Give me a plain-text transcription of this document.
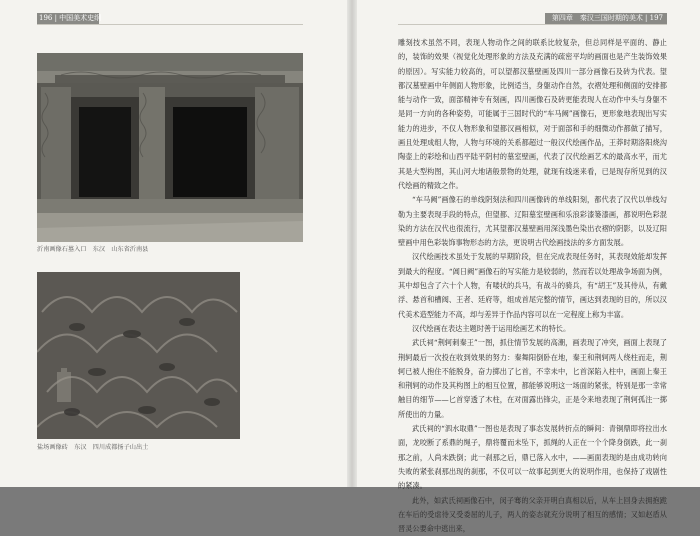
196 | 中国美术史纲
沂南画像石墓入口　东汉　山东省沂南县
盐场画像砖　东汉　四川成都扬子山出土
第四章　秦汉三国时期的美术 | 197

雕刻技术虽然不同，表现人物动作之间的联系比较复杂，但总同样是平面的、静止的，装饰的效果（视觉化处理形象的方法及充满的疏密平均的画面也是产生装饰效果的原因）。写实能力较高的，可以望都汉墓壁画及四川一部分画像石及砖为代表。望都汉墓壁画中年侧面人物形象，比例适当，身躯动作自然，衣褶处理和侧面的安排都能与动作一致，面部精神专有刻画，四川画像石及砖更能表现人在动作中头与身躯不是同一方向的各种姿势，可能属于三国时代的“车马阙”画像石，更形象地表现出写实能力的进步，不仅人物形象和望都汉画相似，对于面部和手的细微动作都做了描写，画且处理成组人物，人物与环境的关系都超过一般汉代绘画作品，王莽时期洛阳烧沟陶壶上的彩绘和山西平陆平阴村的墓室壁画，代表了汉代绘画艺术的最高水平，而尤其是大型构图，其山河大地诸般景物的处理，就现有线迷来看，已是现存所见到的汉代绘画的精致之作。

“车马阙”画像石的单线阴刻法和四川画像砖的单线阳刻，都代表了汉代以单线勾勒为主要表现手段的特点，但望都、辽阳墓室壁画和乐浪彩漆篓漆画，都说明色彩混染的方法在汉代也很流行，尤其望都汉墓壁画用深浅墨色染出衣褶的阴影，以及辽阳壁画中用色彩装饰事物形态的方法，更说明古代绘画技法的多方面发展。

汉代绘画技术虽处于发展的早期阶段，但在完成表现任务时，其表现效能却发挥到最大的程度。“阊日阙”画像石的写实能力是较弱的，然而若以处理战争场面为例，其中却包含了六十个人物，有喽状的兵马，有战斗的骑兵，有“胡王”及其侍从，有戴浮、悬首和槽阀、王者、廷府等，组成首尾完整的情节，画达到表现的目的，所以汉代美术造型能力不高，却与差异于作品内容可以在一定程度上称为丰富。

汉代绘画在表达主题时善于运用绘画艺术的特长。

武氏祠“荆轲刺秦王”一图，抓住情节发展的高潮，画表现了冲突，画面上表现了荆轲最后一次投在收到效果的努力：秦舞阳倒卧在地，秦王和荆轲两人绕柱而走，荆轲已被人抱住不能脱身，奋力掷出了匕首，不幸未中，匕首深陷入柱中，画面上秦王和荆轲的动作及其构图上的相互位置，都能够说明这一场面的紧张，特别是那一幸常触目的细节——匕首穿透了木柱，在对面露出锋尖，正是令来地表现了荆轲孤注一掷所使出的力量。

武氏祠的“泗水取鼎”一图也是表现了事态发展转折点的瞬间：青铜鼎即将拉出水面，龙咬断了系鼎的绳子，鼎将覆而未坠下，抓绳的人正在一个个降身倒跌，此一刹那之前，人尚未跌倒；此一刹那之后，鼎已落入水中，——画面表现的是由成功转向失败的紧张刹那出现的刹那，不仅可以一故事起到更大的说明作用，也保持了戏剧性的紧凑。

此外，如武氏祠画像石中，闵子骞的父亲开明白真相以后，从车上回身去拥抱跪在车后的受虐待又受委屈的儿子，两人的姿态就充分说明了相互的感情；又如赵盾从晋灵公要命中逃出来，
